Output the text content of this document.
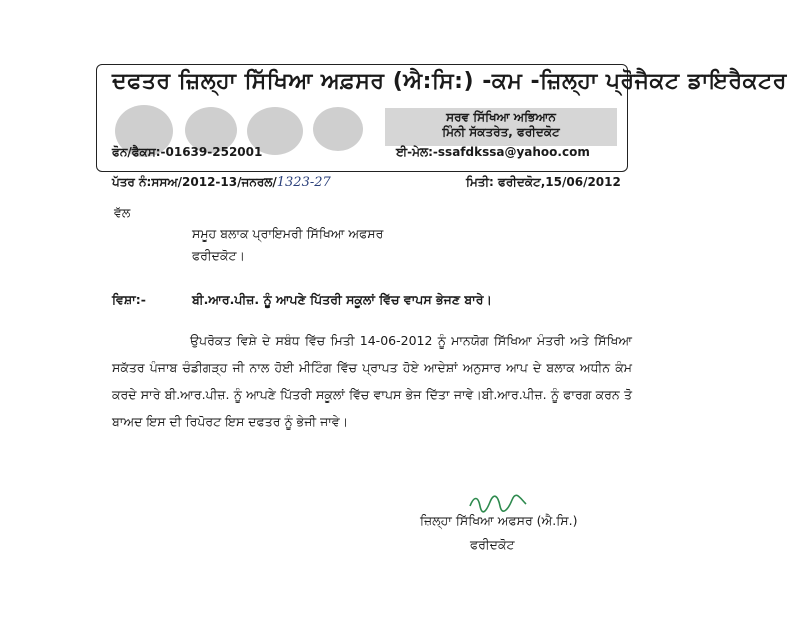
ਦਫਤਰ ਜ਼ਿਲ੍ਹਾ ਸਿੱਖਿਆ ਅਫ਼ਸਰ (ਐ:ਸਿ:) -ਕਮ -ਜ਼ਿਲ੍ਹਾ ਪ੍ਰੋਜੈਕਟ ਡਾਇਰੈਕਟਰ
ਸਰਵ ਸਿੱਖਿਆ ਅਭਿਆਨ
ਮਿੰਨੀ ਸੱਕਤਰੇਤ, ਫਰੀਦਕੋਟ
ਫੋਨ/ਫੈਕਸ:-01639-252001	ਈ-ਮੇਲ:-ssafdkssa@yahoo.com
ਪੱਤਰ ਨੰ:ਸਸਅ/2012-13/ਜਨਰਲ/1323-27	ਮਿਤੀ: ਫਰੀਦਕੋਟ,15/06/2012
ਵੱਲ
ਸਮੂਹ ਬਲਾਕ ਪ੍ਰਾਇਮਰੀ ਸਿੱਖਿਆ ਅਫਸਰ
ਫਰੀਦਕੋਟ।
ਵਿਸ਼ਾ:-	ਬੀ.ਆਰ.ਪੀਜ਼. ਨੂੰ ਆਪਣੇ ਪਿੱਤਰੀ ਸਕੂਲਾਂ ਵਿੱਚ ਵਾਪਸ ਭੇਜਣ ਬਾਰੇ।
ਉਪਰੋਕਤ ਵਿਸ਼ੇ ਦੇ ਸਬੰਧ ਵਿੱਚ ਮਿਤੀ 14-06-2012 ਨੂੰ ਮਾਨਯੋਗ ਸਿੱਖਿਆ ਮੰਤਰੀ ਅਤੇ ਸਿੱਖਿਆ ਸਕੱਤਰ ਪੰਜਾਬ ਚੰਡੀਗੜ੍ਹ ਜੀ ਨਾਲ ਹੋਈ ਮੀਟਿੰਗ ਵਿੱਚ ਪ੍ਰਾਪਤ ਹੋਏ ਆਦੇਸ਼ਾਂ ਅਨੁਸਾਰ ਆਪ ਦੇ ਬਲਾਕ ਅਧੀਨ ਕੰਮ ਕਰਦੇ ਸਾਰੇ ਬੀ.ਆਰ.ਪੀਜ਼. ਨੂੰ ਆਪਣੇ ਪਿੱਤਰੀ ਸਕੂਲਾਂ ਵਿੱਚ ਵਾਪਸ ਭੇਜ ਦਿੱਤਾ ਜਾਵੇ।ਬੀ.ਆਰ.ਪੀਜ਼. ਨੂੰ ਫਾਰਗ ਕਰਨ ਤੋ ਬਾਅਦ ਇਸ ਦੀ ਰਿਪੋਰਟ ਇਸ ਦਫਤਰ ਨੂੰ ਭੇਜੀ ਜਾਵੇ।
ਜ਼ਿਲ੍ਹਾ ਸਿੱਖਿਆ ਅਫਸਰ (ਐ.ਸਿ.)
ਫਰੀਦਕੋਟ
